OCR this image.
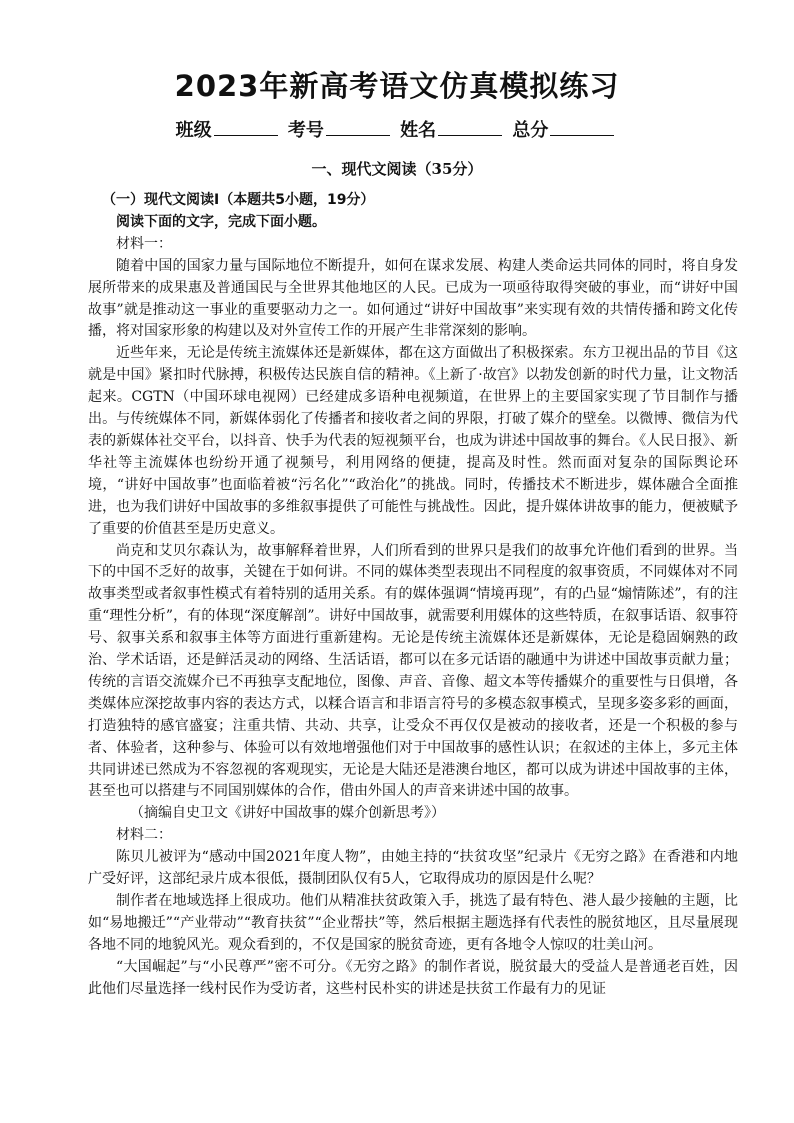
2023年新高考语文仿真模拟练习
班级	考号	姓名	总分
一、现代文阅读（35分）

（一）现代文阅读Ⅰ（本题共5小题，19分）

阅读下面的文字，完成下面小题。

材料一：

随着中国的国家力量与国际地位不断提升，如何在谋求发展、构建人类命运共同体的同时，将自身发展所带来的成果惠及普通国民与全世界其他地区的人民。已成为一项亟待取得突破的事业，而“讲好中国故事”就是推动这一事业的重要驱动力之一。如何通过“讲好中国故事”来实现有效的共情传播和跨文化传播，将对国家形象的构建以及对外宣传工作的开展产生非常深刻的影响。

近些年来，无论是传统主流媒体还是新媒体，都在这方面做出了积极探索。东方卫视出品的节目《这就是中国》紧扣时代脉搏，积极传达民族自信的精神。《上新了·故宫》以勃发创新的时代力量，让文物活起来。CGTN（中国环球电视网）已经建成多语种电视频道，在世界上的主要国家实现了节目制作与播出。与传统媒体不同，新媒体弱化了传播者和接收者之间的界限，打破了媒介的壁垒。以微博、微信为代表的新媒体社交平台，以抖音、快手为代表的短视频平台，也成为讲述中国故事的舞台。《人民日报》、新华社等主流媒体也纷纷开通了视频号，利用网络的便捷，提高及时性。然而面对复杂的国际舆论环境，“讲好中国故事”也面临着被“污名化”“政治化”的挑战。同时，传播技术不断进步，媒体融合全面推进，也为我们讲好中国故事的多维叙事提供了可能性与挑战性。因此，提升媒体讲故事的能力，便被赋予了重要的价值甚至是历史意义。

尚克和艾贝尔森认为，故事解释着世界，人们所看到的世界只是我们的故事允许他们看到的世界。当下的中国不乏好的故事，关键在于如何讲。不同的媒体类型表现出不同程度的叙事资质，不同媒体对不同故事类型或者叙事性模式有着特别的适用关系。有的媒体强调“情境再现”，有的凸显“煽情陈述”，有的注重“理性分析”，有的体现“深度解剖”。讲好中国故事，就需要利用媒体的这些特质，在叙事话语、叙事符号、叙事关系和叙事主体等方面进行重新建构。无论是传统主流媒体还是新媒体，无论是稳固娴熟的政治、学术话语，还是鲜活灵动的网络、生活话语，都可以在多元话语的融通中为讲述中国故事贡献力量；传统的言语交流媒介已不再独享支配地位，图像、声音、音像、超文本等传播媒介的重要性与日俱增，各类媒体应深挖故事内容的表达方式，以糅合语言和非语言符号的多模态叙事模式，呈现多姿多彩的画面，打造独特的感官盛宴；注重共情、共动、共享，让受众不再仅仅是被动的接收者，还是一个积极的参与者、体验者，这种参与、体验可以有效地增强他们对于中国故事的感性认识；在叙述的主体上，多元主体共同讲述已然成为不容忽视的客观现实，无论是大陆还是港澳台地区，都可以成为讲述中国故事的主体，甚至也可以搭建与不同国别媒体的合作，借由外国人的声音来讲述中国的故事。

（摘编自史卫文《讲好中国故事的媒介创新思考》）

材料二：

陈贝儿被评为“感动中国2021年度人物”，由她主持的“扶贫攻坚”纪录片《无穷之路》在香港和内地广受好评，这部纪录片成本很低，摄制团队仅有5人，它取得成功的原因是什么呢？

制作者在地域选择上很成功。他们从精准扶贫政策入手，挑选了最有特色、港人最少接触的主题，比如“易地搬迁”“产业带动”“教育扶贫”“企业帮扶”等，然后根据主题选择有代表性的脱贫地区，且尽量展现各地不同的地貌风光。观众看到的，不仅是国家的脱贫奇迹，更有各地令人惊叹的壮美山河。

“大国崛起”与“小民尊严”密不可分。《无穷之路》的制作者说，脱贫最大的受益人是普通老百姓，因此他们尽量选择一线村民作为受访者，这些村民朴实的讲述是扶贫工作最有力的见证
